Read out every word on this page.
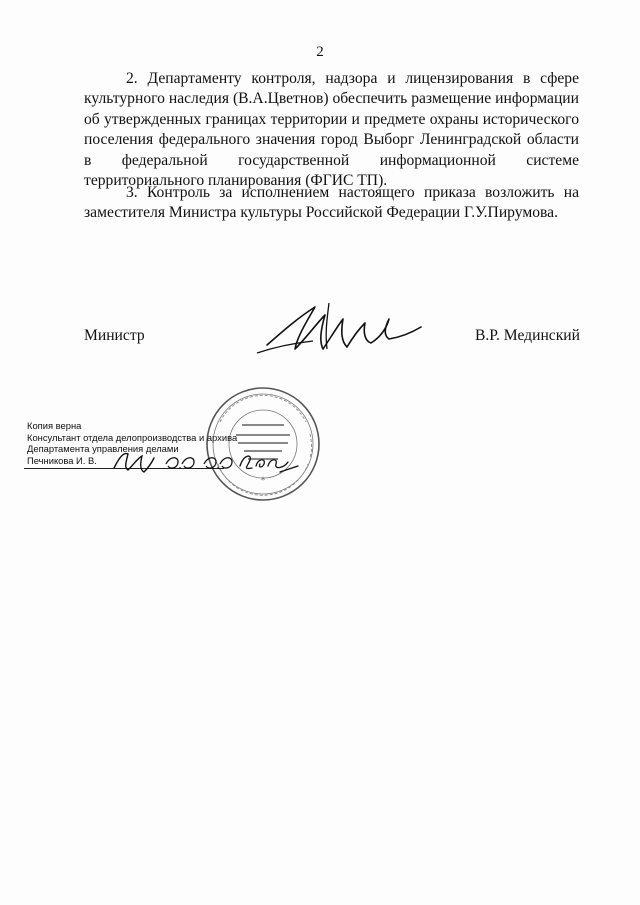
2

2. Департаменту контроля, надзора и лицензирования в сфере культурного наследия (В.А.Цветнов) обеспечить размещение информации об утвержденных границах территории и предмете охраны исторического поселения федерального значения город Выборг Ленинградской области в федеральной государственной информационной системе территориального планирования (ФГИС ТП).

3. Контроль за исполнением настоящего приказа возложить на заместителя Министра культуры Российской Федерации Г.У.Пирумова.

Министр	В.Р. Мединский
*
Копия верна
Консультант отдела делопроизводства и архива
Департамента управления делами
Печникова И. В.
